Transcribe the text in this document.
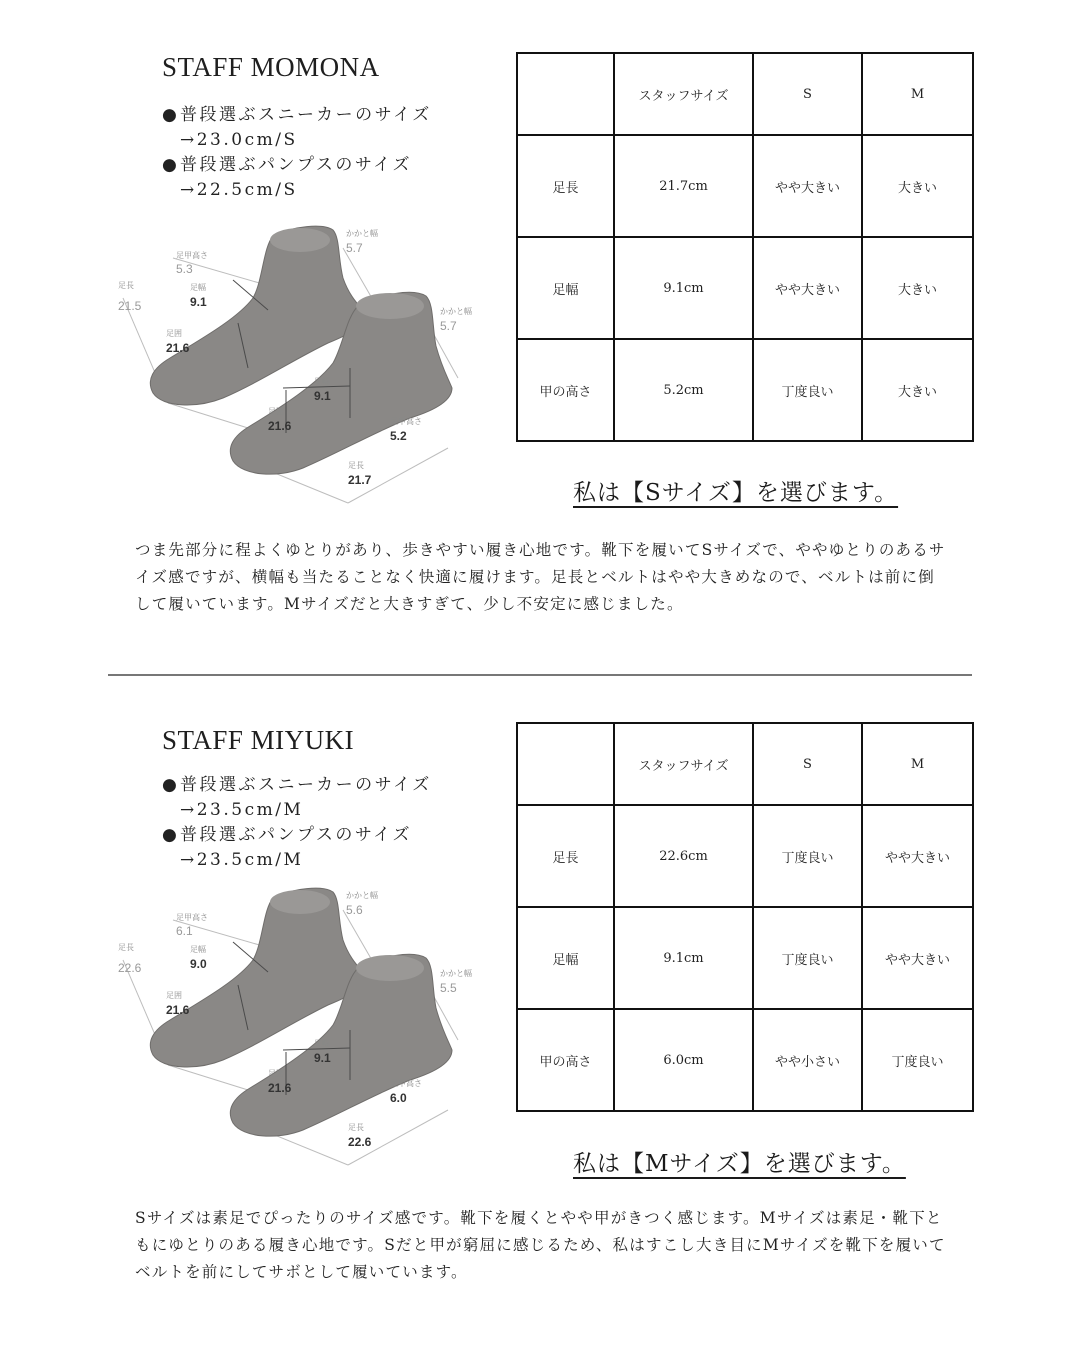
STAFF MOMONA
●普段選ぶスニーカーのサイズ
→23.0cm/S
●普段選ぶパンプスのサイズ
→22.5cm/S
かかと幅
5.7
足甲高さ
5.3
足幅
9.1
足長
21.5
足囲
21.6
かかと幅
5.7
足幅
9.1
足囲
21.6	足甲高さ
5.2
足長
21.7
	スタッフサイズ	S	M
足長	21.7cm	やや大きい	大きい
足幅	9.1cm	やや大きい	大きい
甲の高さ	5.2cm	丁度良い	大きい
私は【Sサイズ】を選びます。
つま先部分に程よくゆとりがあり、歩きやすい履き心地です。靴下を履いてSサイズで、ややゆとりのあるサイズ感ですが、横幅も当たることなく快適に履けます。足長とベルトはやや大きめなので、ベルトは前に倒して履いています。Mサイズだと大きすぎて、少し不安定に感じました。
STAFF MIYUKI
●普段選ぶスニーカーのサイズ
→23.5cm/M
●普段選ぶパンプスのサイズ
→23.5cm/M
かかと幅
5.6
足甲高さ
6.1
足幅
9.0
足長
22.6
足囲
21.6
かかと幅
5.5
足幅
9.1
足囲
21.6	足甲高さ
6.0
足長
22.6
	スタッフサイズ	S	M
足長	22.6cm	丁度良い	やや大きい
足幅	9.1cm	丁度良い	やや大きい
甲の高さ	6.0cm	やや小さい	丁度良い
私は【Mサイズ】を選びます。
Sサイズは素足でぴったりのサイズ感です。靴下を履くとやや甲がきつく感じます。Mサイズは素足・靴下ともにゆとりのある履き心地です。Sだと甲が窮屈に感じるため、私はすこし大き目にMサイズを靴下を履いてベルトを前にしてサボとして履いています。
